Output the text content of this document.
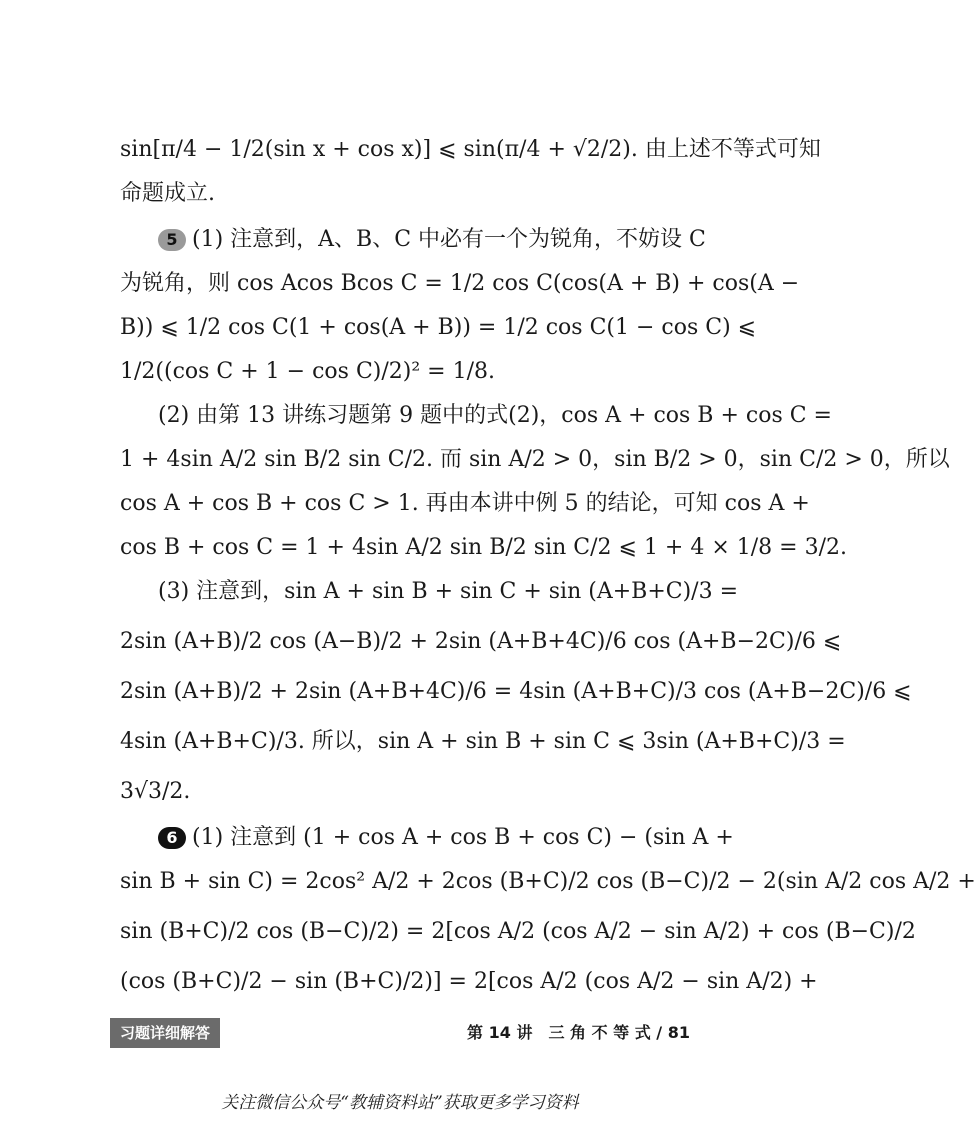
sin[π/4 − 1/2(sin x + cos x)] ⩽ sin(π/4 + √2/2). 由上述不等式可知
命题成立.
5 (1) 注意到，A、B、C 中必有一个为锐角，不妨设 C
为锐角，则 cos Acos Bcos C = 1/2 cos C(cos(A + B) + cos(A −
B)) ⩽ 1/2 cos C(1 + cos(A + B)) = 1/2 cos C(1 − cos C) ⩽
1/2((cos C + 1 − cos C)/2)² = 1/8.
(2) 由第 13 讲练习题第 9 题中的式(2)，cos A + cos B + cos C =
1 + 4sin A/2 sin B/2 sin C/2. 而 sin A/2 > 0，sin B/2 > 0，sin C/2 > 0，所以
cos A + cos B + cos C > 1. 再由本讲中例 5 的结论，可知 cos A +
cos B + cos C = 1 + 4sin A/2 sin B/2 sin C/2 ⩽ 1 + 4 × 1/8 = 3/2.
(3) 注意到，sin A + sin B + sin C + sin (A+B+C)/3 =
2sin (A+B)/2 cos (A−B)/2 + 2sin (A+B+4C)/6 cos (A+B−2C)/6 ⩽
2sin (A+B)/2 + 2sin (A+B+4C)/6 = 4sin (A+B+C)/3 cos (A+B−2C)/6 ⩽
4sin (A+B+C)/3. 所以，sin A + sin B + sin C ⩽ 3sin (A+B+C)/3 =
3√3/2.
6 (1) 注意到 (1 + cos A + cos B + cos C) − (sin A +
sin B + sin C) = 2cos² A/2 + 2cos (B+C)/2 cos (B−C)/2 − 2(sin A/2 cos A/2 +
sin (B+C)/2 cos (B−C)/2) = 2[cos A/2 (cos A/2 − sin A/2) + cos (B−C)/2
(cos (B+C)/2 − sin (B+C)/2)] = 2[cos A/2 (cos A/2 − sin A/2) +
习题详细解答	第 14 讲　三 角 不 等 式 / 81
关注微信公众号“教辅资料站”获取更多学习资料
